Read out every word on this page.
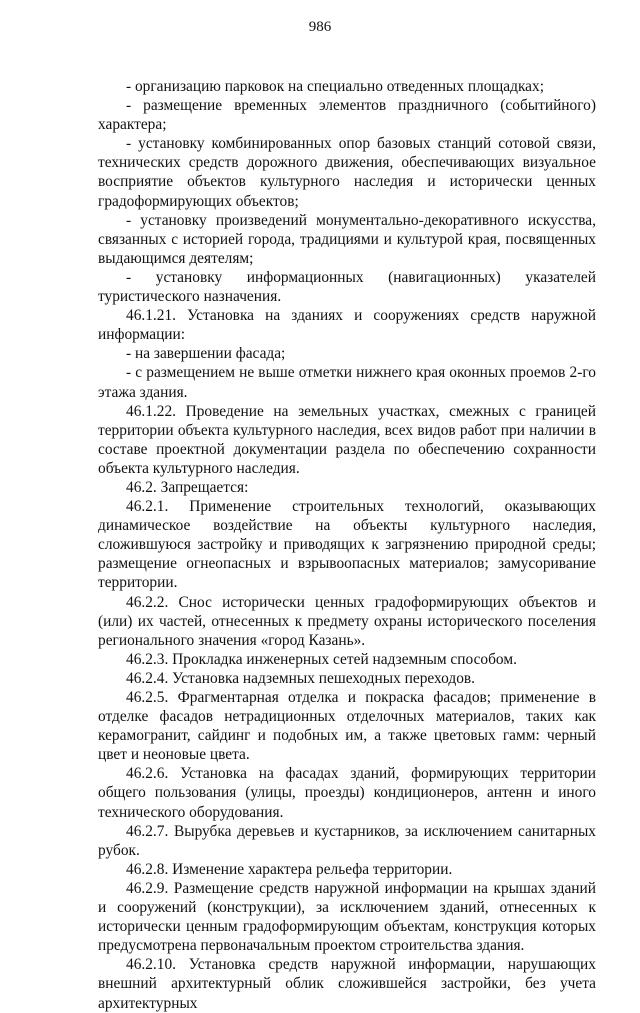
986

- организацию парковок на специально отведенных площадках;

- размещение временных элементов праздничного (событийного) характера;

- установку комбинированных опор базовых станций сотовой связи, технических средств дорожного движения, обеспечивающих визуальное восприятие объектов культурного наследия и исторически ценных градоформирующих объектов;

- установку произведений монументально-декоративного искусства, связанных с историей города, традициями и культурой края, посвященных выдающимся деятелям;

- установку информационных (навигационных) указателей туристического назначения.

46.1.21. Установка на зданиях и сооружениях средств наружной информации:

- на завершении фасада;

- с размещением не выше отметки нижнего края оконных проемов 2-го этажа здания.

46.1.22. Проведение на земельных участках, смежных с границей территории объекта культурного наследия, всех видов работ при наличии в составе проектной документации раздела по обеспечению сохранности объекта культурного наследия.

46.2. Запрещается:

46.2.1. Применение строительных технологий, оказывающих динамическое воздействие на объекты культурного наследия, сложившуюся застройку и приводящих к загрязнению природной среды; размещение огнеопасных и взрывоопасных материалов; замусоривание территории.

46.2.2. Снос исторически ценных градоформирующих объектов и (или) их частей, отнесенных к предмету охраны исторического поселения регионального значения «город Казань».

46.2.3. Прокладка инженерных сетей надземным способом.

46.2.4. Установка надземных пешеходных переходов.

46.2.5. Фрагментарная отделка и покраска фасадов; применение в отделке фасадов нетрадиционных отделочных материалов, таких как керамогранит, сайдинг и подобных им, а также цветовых гамм: черный цвет и неоновые цвета.

46.2.6. Установка на фасадах зданий, формирующих территории общего пользования (улицы, проезды) кондиционеров, антенн и иного технического оборудования.

46.2.7. Вырубка деревьев и кустарников, за исключением санитарных рубок.

46.2.8. Изменение характера рельефа территории.

46.2.9. Размещение средств наружной информации на крышах зданий и сооружений (конструкции), за исключением зданий, отнесенных к исторически ценным градоформирующим объектам, конструкция которых предусмотрена первоначальным проектом строительства здания.

46.2.10. Установка средств наружной информации, нарушающих внешний архитектурный облик сложившейся застройки, без учета архитектурных
